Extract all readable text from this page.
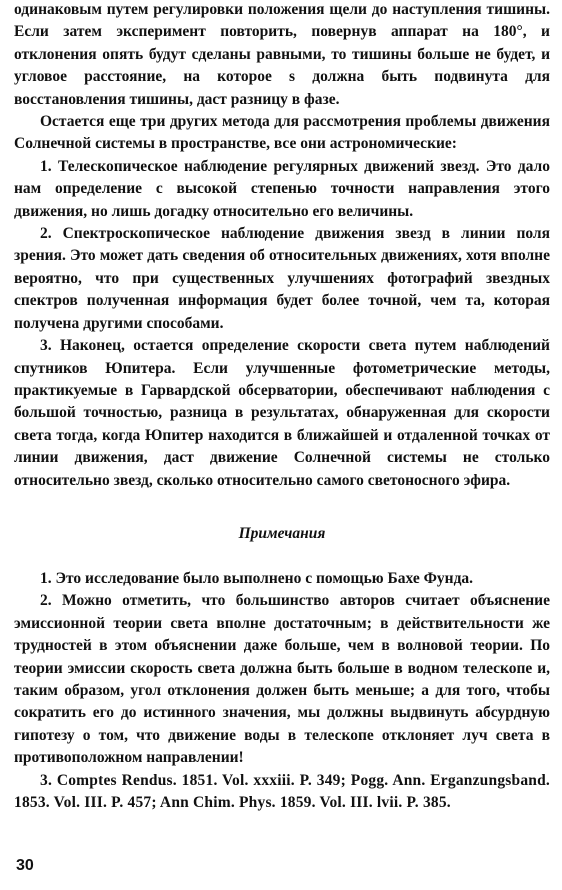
одинаковым путем регулировки положения щели до наступления тишины. Если затем эксперимент повторить, повернув аппарат на 180°, и отклонения опять будут сделаны равными, то тишины больше не будет, и угловое расстояние, на которое s должна быть подвинута для восстановления тишины, даст разницу в фазе.

Остается еще три других метода для рассмотрения проблемы движения Солнечной системы в пространстве, все они астрономические:

1. Телескопическое наблюдение регулярных движений звезд. Это дало нам определение с высокой степенью точности направления этого движения, но лишь догадку относительно его величины.

2. Спектроскопическое наблюдение движения звезд в линии поля зрения. Это может дать сведения об относительных движениях, хотя вполне вероятно, что при существенных улучшениях фотографий звездных спектров полученная информация будет более точной, чем та, которая получена другими способами.

3. Наконец, остается определение скорости света путем наблюдений спутников Юпитера. Если улучшенные фотометрические методы, практикуемые в Гарвардской обсерватории, обеспечивают наблюдения с большой точностью, разница в результатах, обнаруженная для скорости света тогда, когда Юпитер находится в ближайшей и отдаленной точках от линии движения, даст движение Солнечной системы не столько относительно звезд, сколько относительно самого светоносного эфира.

Примечания

1. Это исследование было выполнено с помощью Бахе Фунда.

2. Можно отметить, что большинство авторов считает объяснение эмиссионной теории света вполне достаточным; в действительности же трудностей в этом объяснении даже больше, чем в волновой теории. По теории эмиссии скорость света должна быть больше в водном телескопе и, таким образом, угол отклонения должен быть меньше; а для того, чтобы сократить его до истинного значения, мы должны выдвинуть абсурдную гипотезу о том, что движение воды в телескопе отклоняет луч света в противоположном направлении!

3. Comptes Rendus. 1851. Vol. xxxiii. P. 349; Pogg. Ann. Erganzungsband. 1853. Vol. III. P. 457; Ann Chim. Phys. 1859. Vol. III. lvii. P. 385.

30
